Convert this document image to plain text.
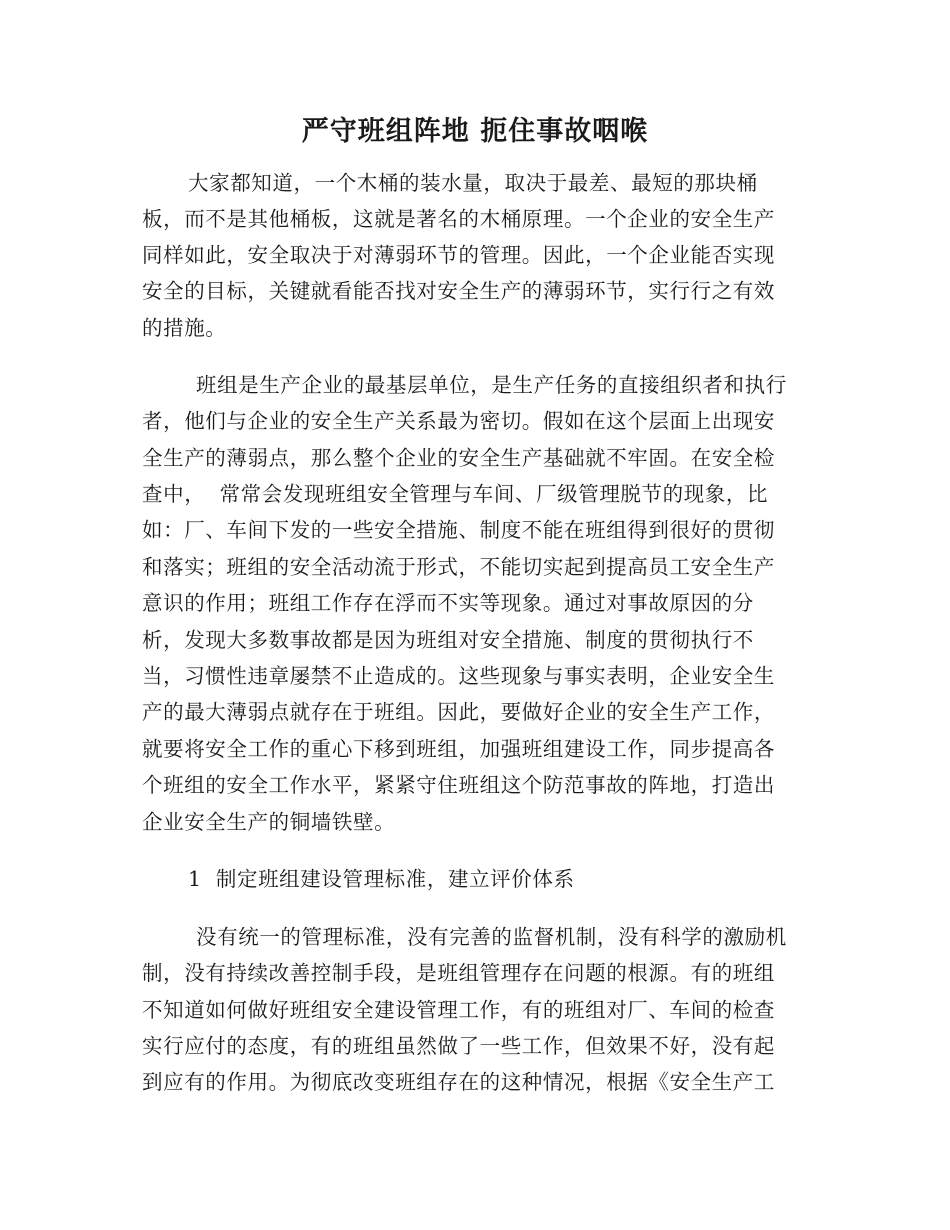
严守班组阵地 扼住事故咽喉
大家都知道，一个木桶的装水量，取决于最差、最短的那块桶
板，而不是其他桶板，这就是著名的木桶原理。一个企业的安全生产
同样如此，安全取决于对薄弱环节的管理。因此，一个企业能否实现
安全的目标，关键就看能否找对安全生产的薄弱环节，实行行之有效
的措施。
班组是生产企业的最基层单位，是生产任务的直接组织者和执行
者，他们与企业的安全生产关系最为密切。假如在这个层面上出现安
全生产的薄弱点，那么整个企业的安全生产基础就不牢固。在安全检
查中，  常常会发现班组安全管理与车间、厂级管理脱节的现象，比
如：厂、车间下发的一些安全措施、制度不能在班组得到很好的贯彻
和落实；班组的安全活动流于形式，不能切实起到提高员工安全生产
意识的作用；班组工作存在浮而不实等现象。通过对事故原因的分
析，发现大多数事故都是因为班组对安全措施、制度的贯彻执行不
当，习惯性违章屡禁不止造成的。这些现象与事实表明，企业安全生
产的最大薄弱点就存在于班组。因此，要做好企业的安全生产工作，
就要将安全工作的重心下移到班组，加强班组建设工作，同步提高各
个班组的安全工作水平，紧紧守住班组这个防范事故的阵地，打造出
企业安全生产的铜墙铁壁。
1  制定班组建设管理标准，建立评价体系
没有统一的管理标准，没有完善的监督机制，没有科学的激励机
制，没有持续改善控制手段，是班组管理存在问题的根源。有的班组
不知道如何做好班组安全建设管理工作，有的班组对厂、车间的检查
实行应付的态度，有的班组虽然做了一些工作，但效果不好，没有起
到应有的作用。为彻底改变班组存在的这种情况，根据《安全生产工
